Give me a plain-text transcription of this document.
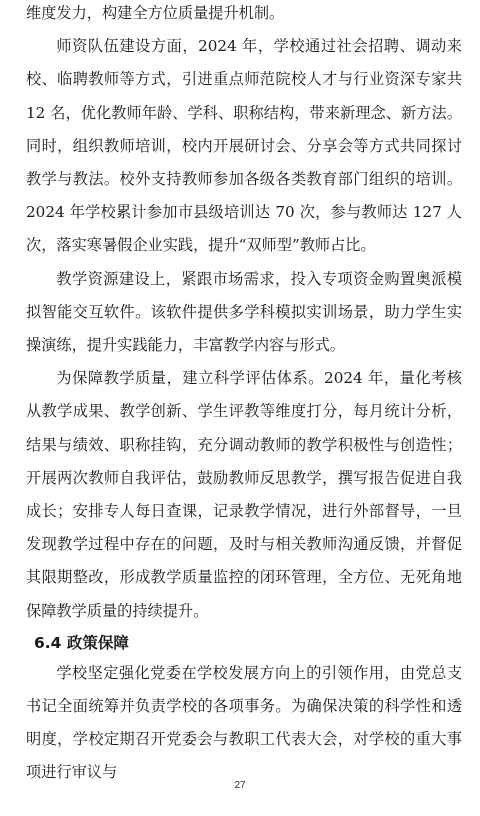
维度发力，构建全方位质量提升机制。

师资队伍建设方面，2024 年，学校通过社会招聘、调动来校、临聘教师等方式，引进重点师范院校人才与行业资深专家共 12 名，优化教师年龄、学科、职称结构，带来新理念、新方法。同时，组织教师培训，校内开展研讨会、分享会等方式共同探讨教学与教法。校外支持教师参加各级各类教育部门组织的培训。2024 年学校累计参加市县级培训达 70 次，参与教师达 127 人次，落实寒暑假企业实践，提升“双师型”教师占比。

教学资源建设上，紧跟市场需求，投入专项资金购置奥派模拟智能交互软件。该软件提供多学科模拟实训场景，助力学生实操演练，提升实践能力，丰富教学内容与形式。

为保障教学质量，建立科学评估体系。2024 年，量化考核从教学成果、教学创新、学生评教等维度打分，每月统计分析，结果与绩效、职称挂钩，充分调动教师的教学积极性与创造性；开展两次教师自我评估，鼓励教师反思教学，撰写报告促进自我成长；安排专人每日查课，记录教学情况，进行外部督导，一旦发现教学过程中存在的问题，及时与相关教师沟通反馈，并督促其限期整改，形成教学质量监控的闭环管理，全方位、无死角地保障教学质量的持续提升。

6.4 政策保障

学校坚定强化党委在学校发展方向上的引领作用，由党总支书记全面统筹并负责学校的各项事务。为确保决策的科学性和透明度，学校定期召开党委会与教职工代表大会，对学校的重大事项进行审议与

27
